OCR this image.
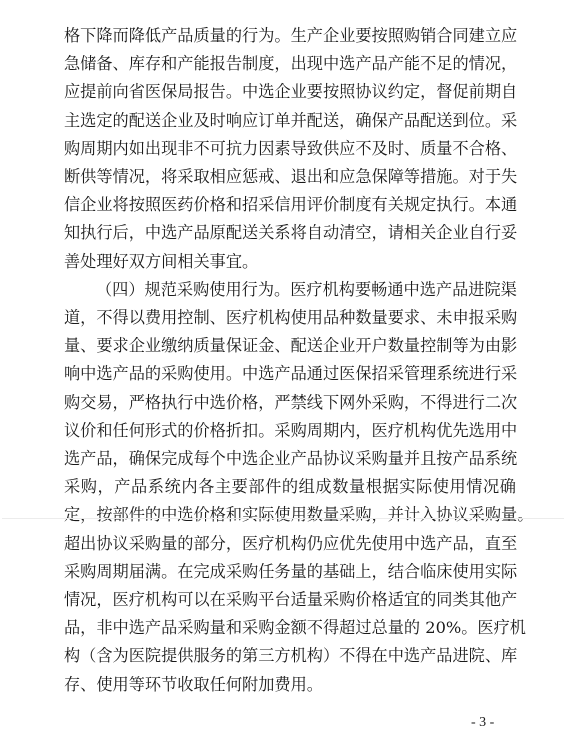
格下降而降低产品质量的行为。生产企业要按照购销合同建立应
急储备、库存和产能报告制度，出现中选产品产能不足的情况，
应提前向省医保局报告。中选企业要按照协议约定，督促前期自
主选定的配送企业及时响应订单并配送，确保产品配送到位。采
购周期内如出现非不可抗力因素导致供应不及时、质量不合格、
断供等情况，将采取相应惩戒、退出和应急保障等措施。对于失
信企业将按照医药价格和招采信用评价制度有关规定执行。本通
知执行后，中选产品原配送关系将自动清空，请相关企业自行妥
善处理好双方间相关事宜。
（四）规范采购使用行为。医疗机构要畅通中选产品进院渠
道，不得以费用控制、医疗机构使用品种数量要求、未申报采购
量、要求企业缴纳质量保证金、配送企业开户数量控制等为由影
响中选产品的采购使用。中选产品通过医保招采管理系统进行采
购交易，严格执行中选价格，严禁线下网外采购，不得进行二次
议价和任何形式的价格折扣。采购周期内，医疗机构优先选用中
选产品，确保完成每个中选企业产品协议采购量并且按产品系统
采购，产品系统内各主要部件的组成数量根据实际使用情况确
定，按部件的中选价格和实际使用数量采购，并计入协议采购量。
超出协议采购量的部分，医疗机构仍应优先使用中选产品，直至
采购周期届满。在完成采购任务量的基础上，结合临床使用实际
情况，医疗机构可以在采购平台适量采购价格适宜的同类其他产
品，非中选产品采购量和采购金额不得超过总量的 20%。医疗机
构（含为医院提供服务的第三方机构）不得在中选产品进院、库
存、使用等环节收取任何附加费用。
- 3 -
